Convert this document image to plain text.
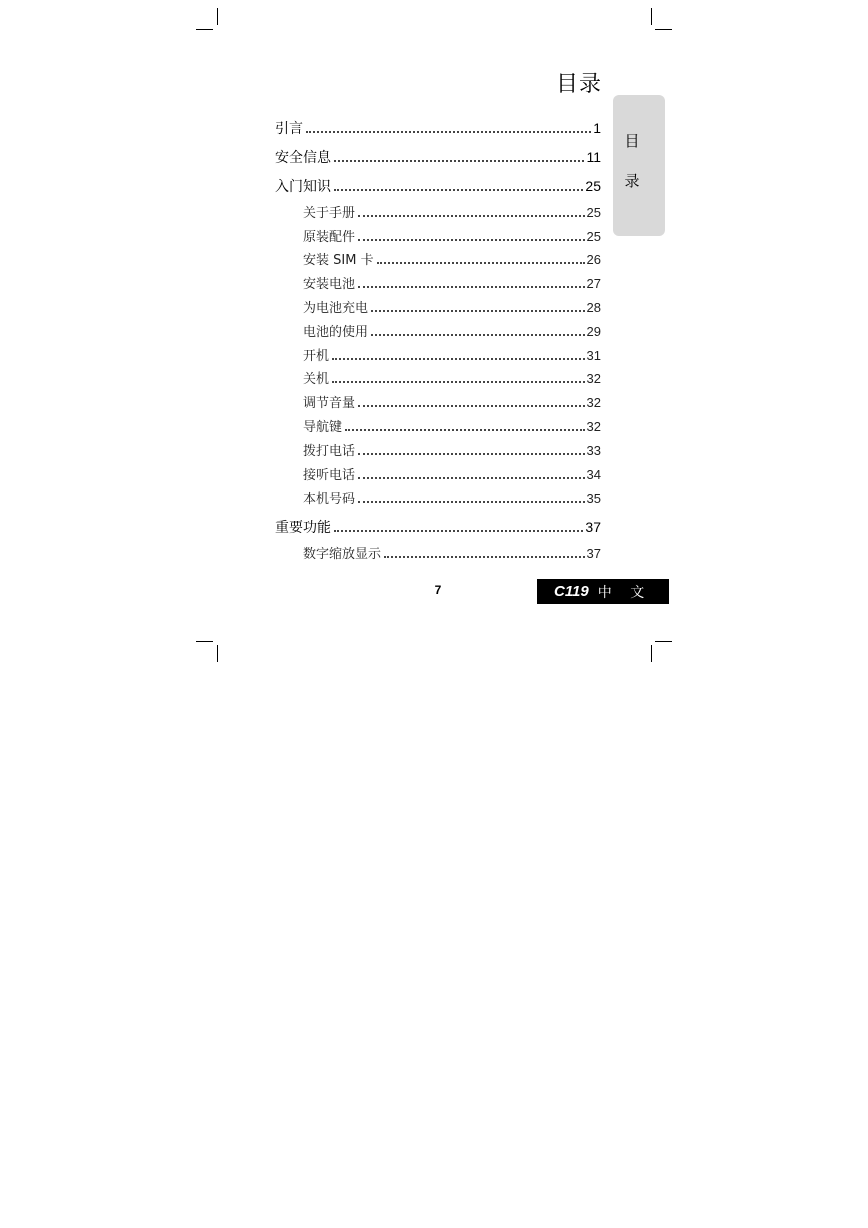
目录
目
录
引言	1
安全信息	11
入门知识	25
关于手册	25
原装配件	25
安装 SIM 卡	26
安装电池	27
为电池充电	28
电池的使用	29
开机	31
关机	32
调节音量	32
导航键	32
拨打电话	33
接听电话	34
本机号码	35
重要功能	37
数字缩放显示	37
7	C119 中 文
